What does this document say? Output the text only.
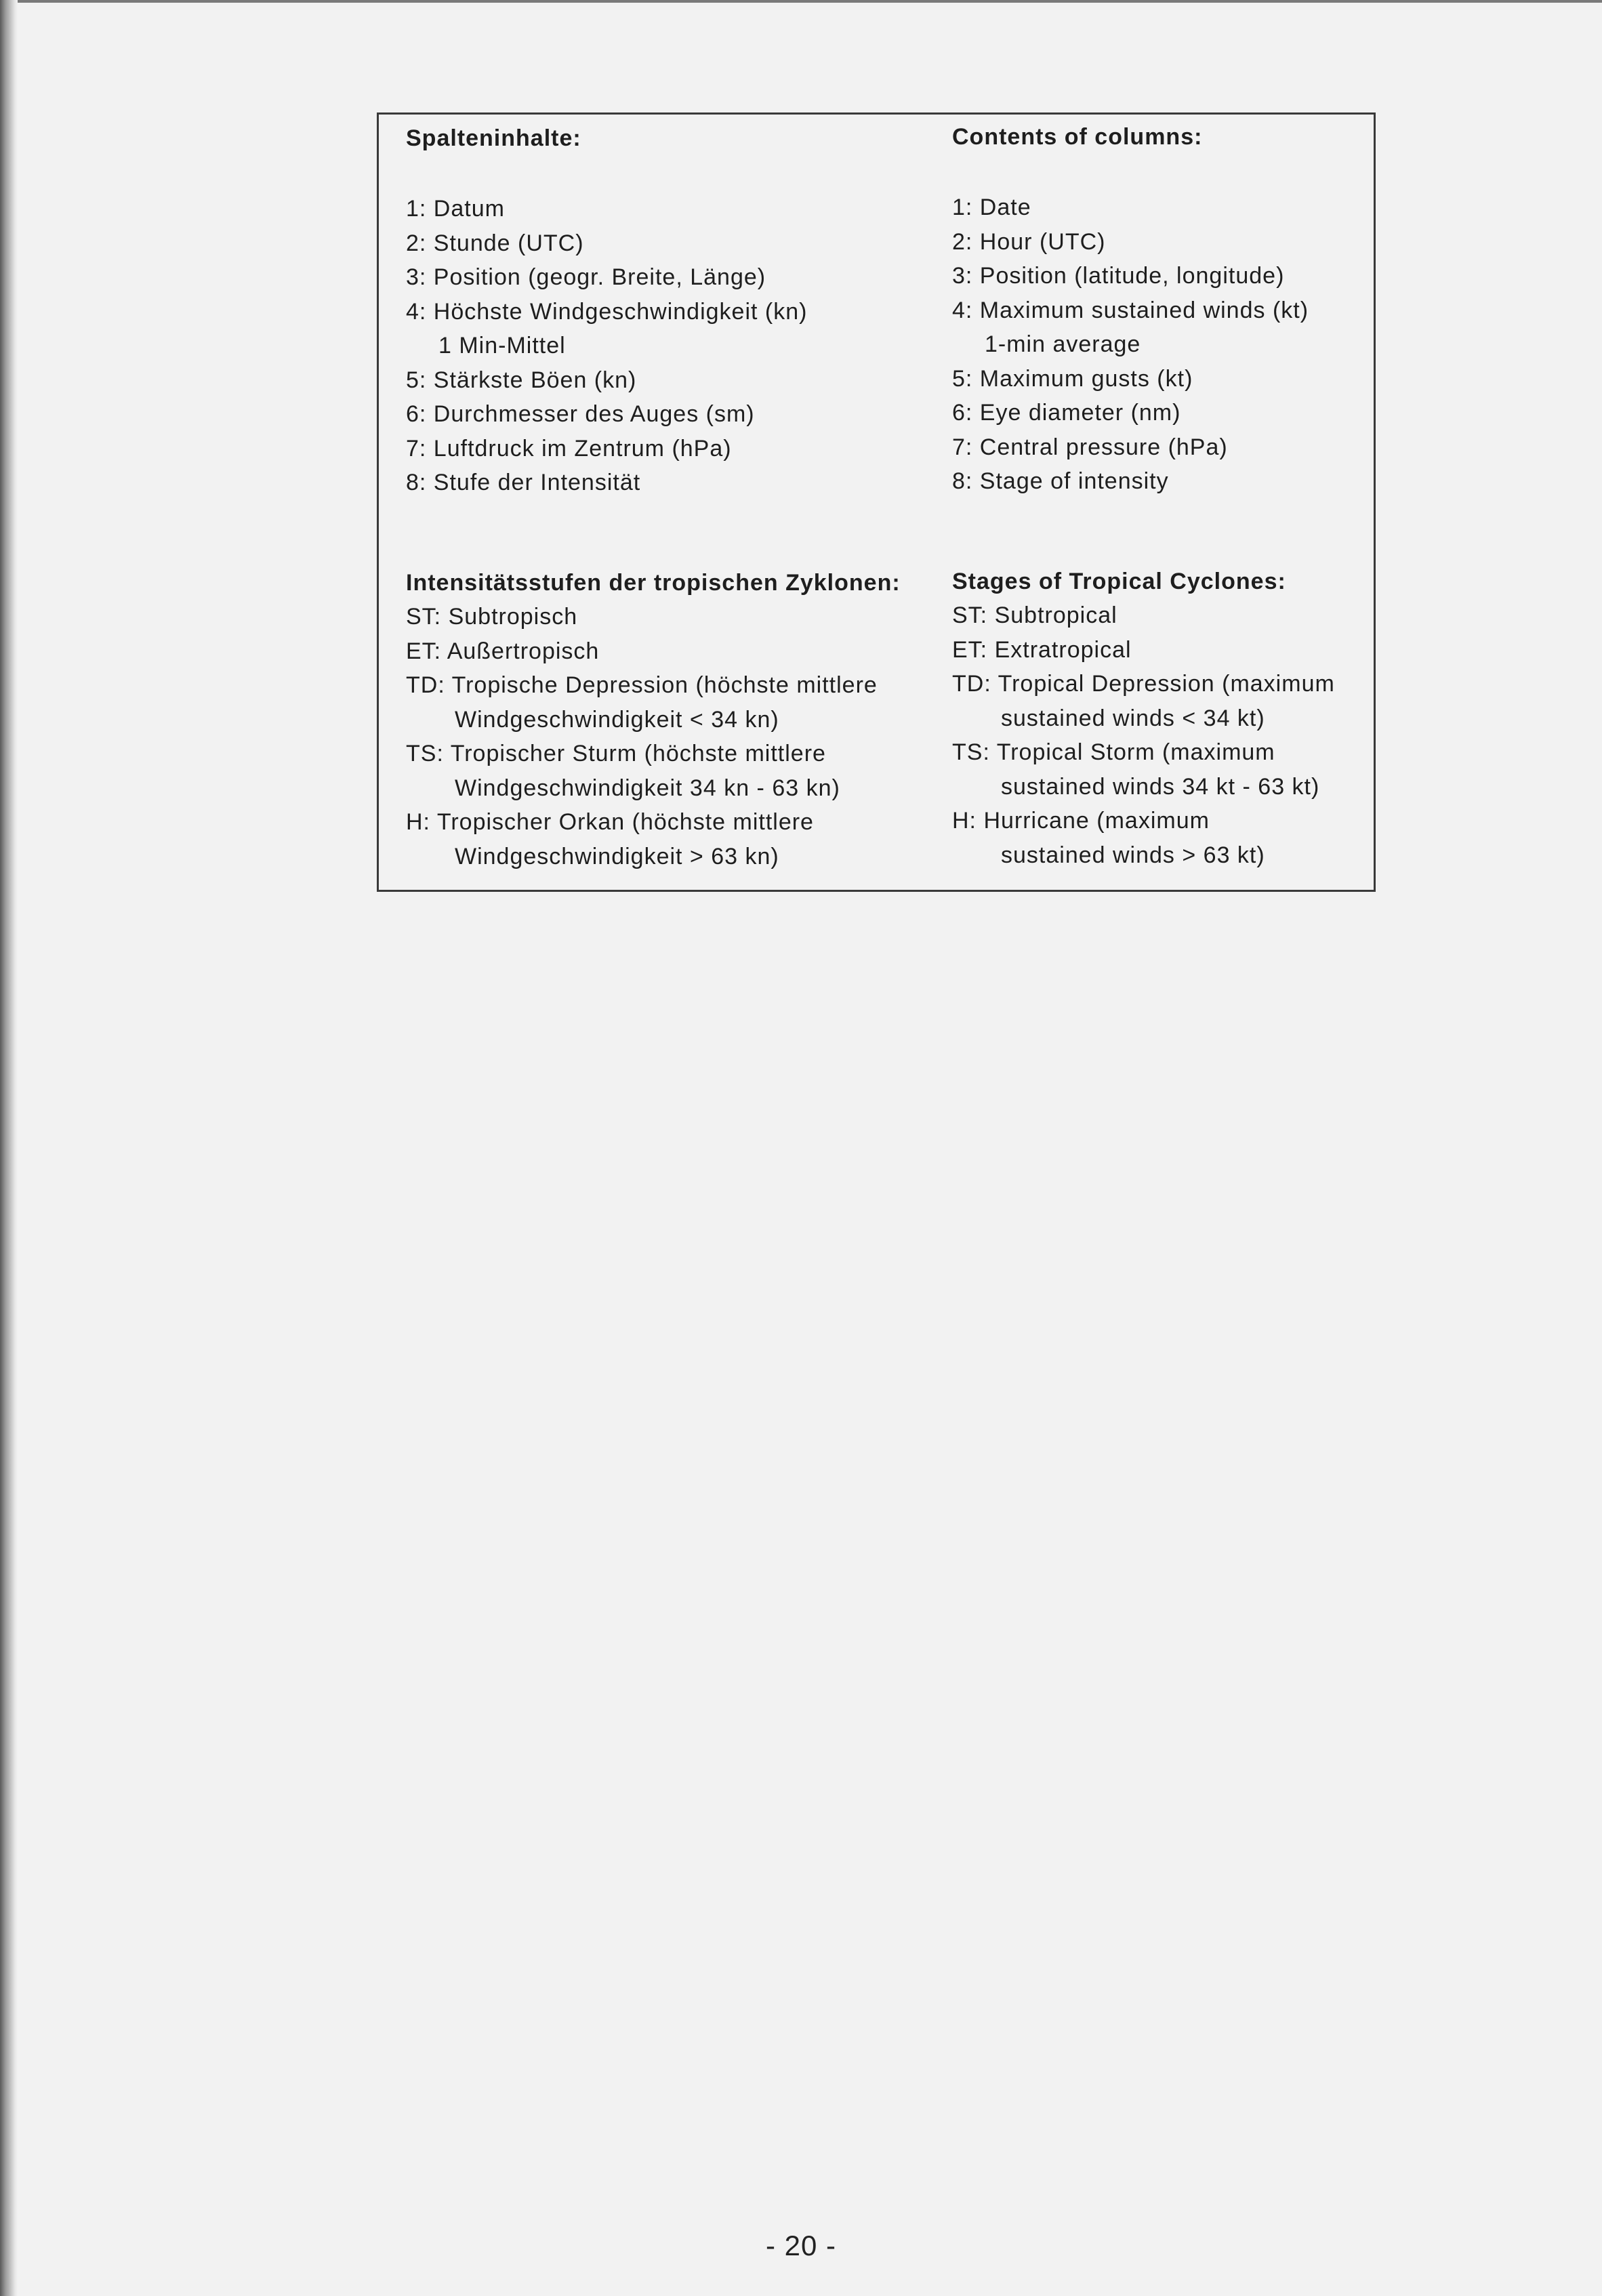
Spalteninhalte:
1: Datum
2: Stunde (UTC)
3: Position (geogr. Breite, Länge)
4: Höchste Windgeschwindigkeit (kn)
1 Min-Mittel
5: Stärkste Böen (kn)
6: Durchmesser des Auges (sm)
7: Luftdruck im Zentrum (hPa)
8: Stufe der Intensität
Intensitätsstufen der tropischen Zyklonen:
ST: Subtropisch
ET: Außertropisch
TD: Tropische Depression (höchste mittlere
Windgeschwindigkeit < 34 kn)
TS: Tropischer Sturm (höchste mittlere
Windgeschwindigkeit 34 kn - 63 kn)
H: Tropischer Orkan (höchste mittlere
Windgeschwindigkeit > 63 kn)
Contents of columns:
1: Date
2: Hour (UTC)
3: Position (latitude, longitude)
4: Maximum sustained winds (kt)
1-min average
5: Maximum gusts (kt)
6: Eye diameter (nm)
7: Central pressure (hPa)
8: Stage of intensity
Stages of Tropical Cyclones:
ST: Subtropical
ET: Extratropical
TD: Tropical Depression (maximum
sustained winds < 34 kt)
TS: Tropical Storm (maximum
sustained winds 34 kt - 63 kt)
H: Hurricane (maximum
sustained winds > 63 kt)
- 20 -
